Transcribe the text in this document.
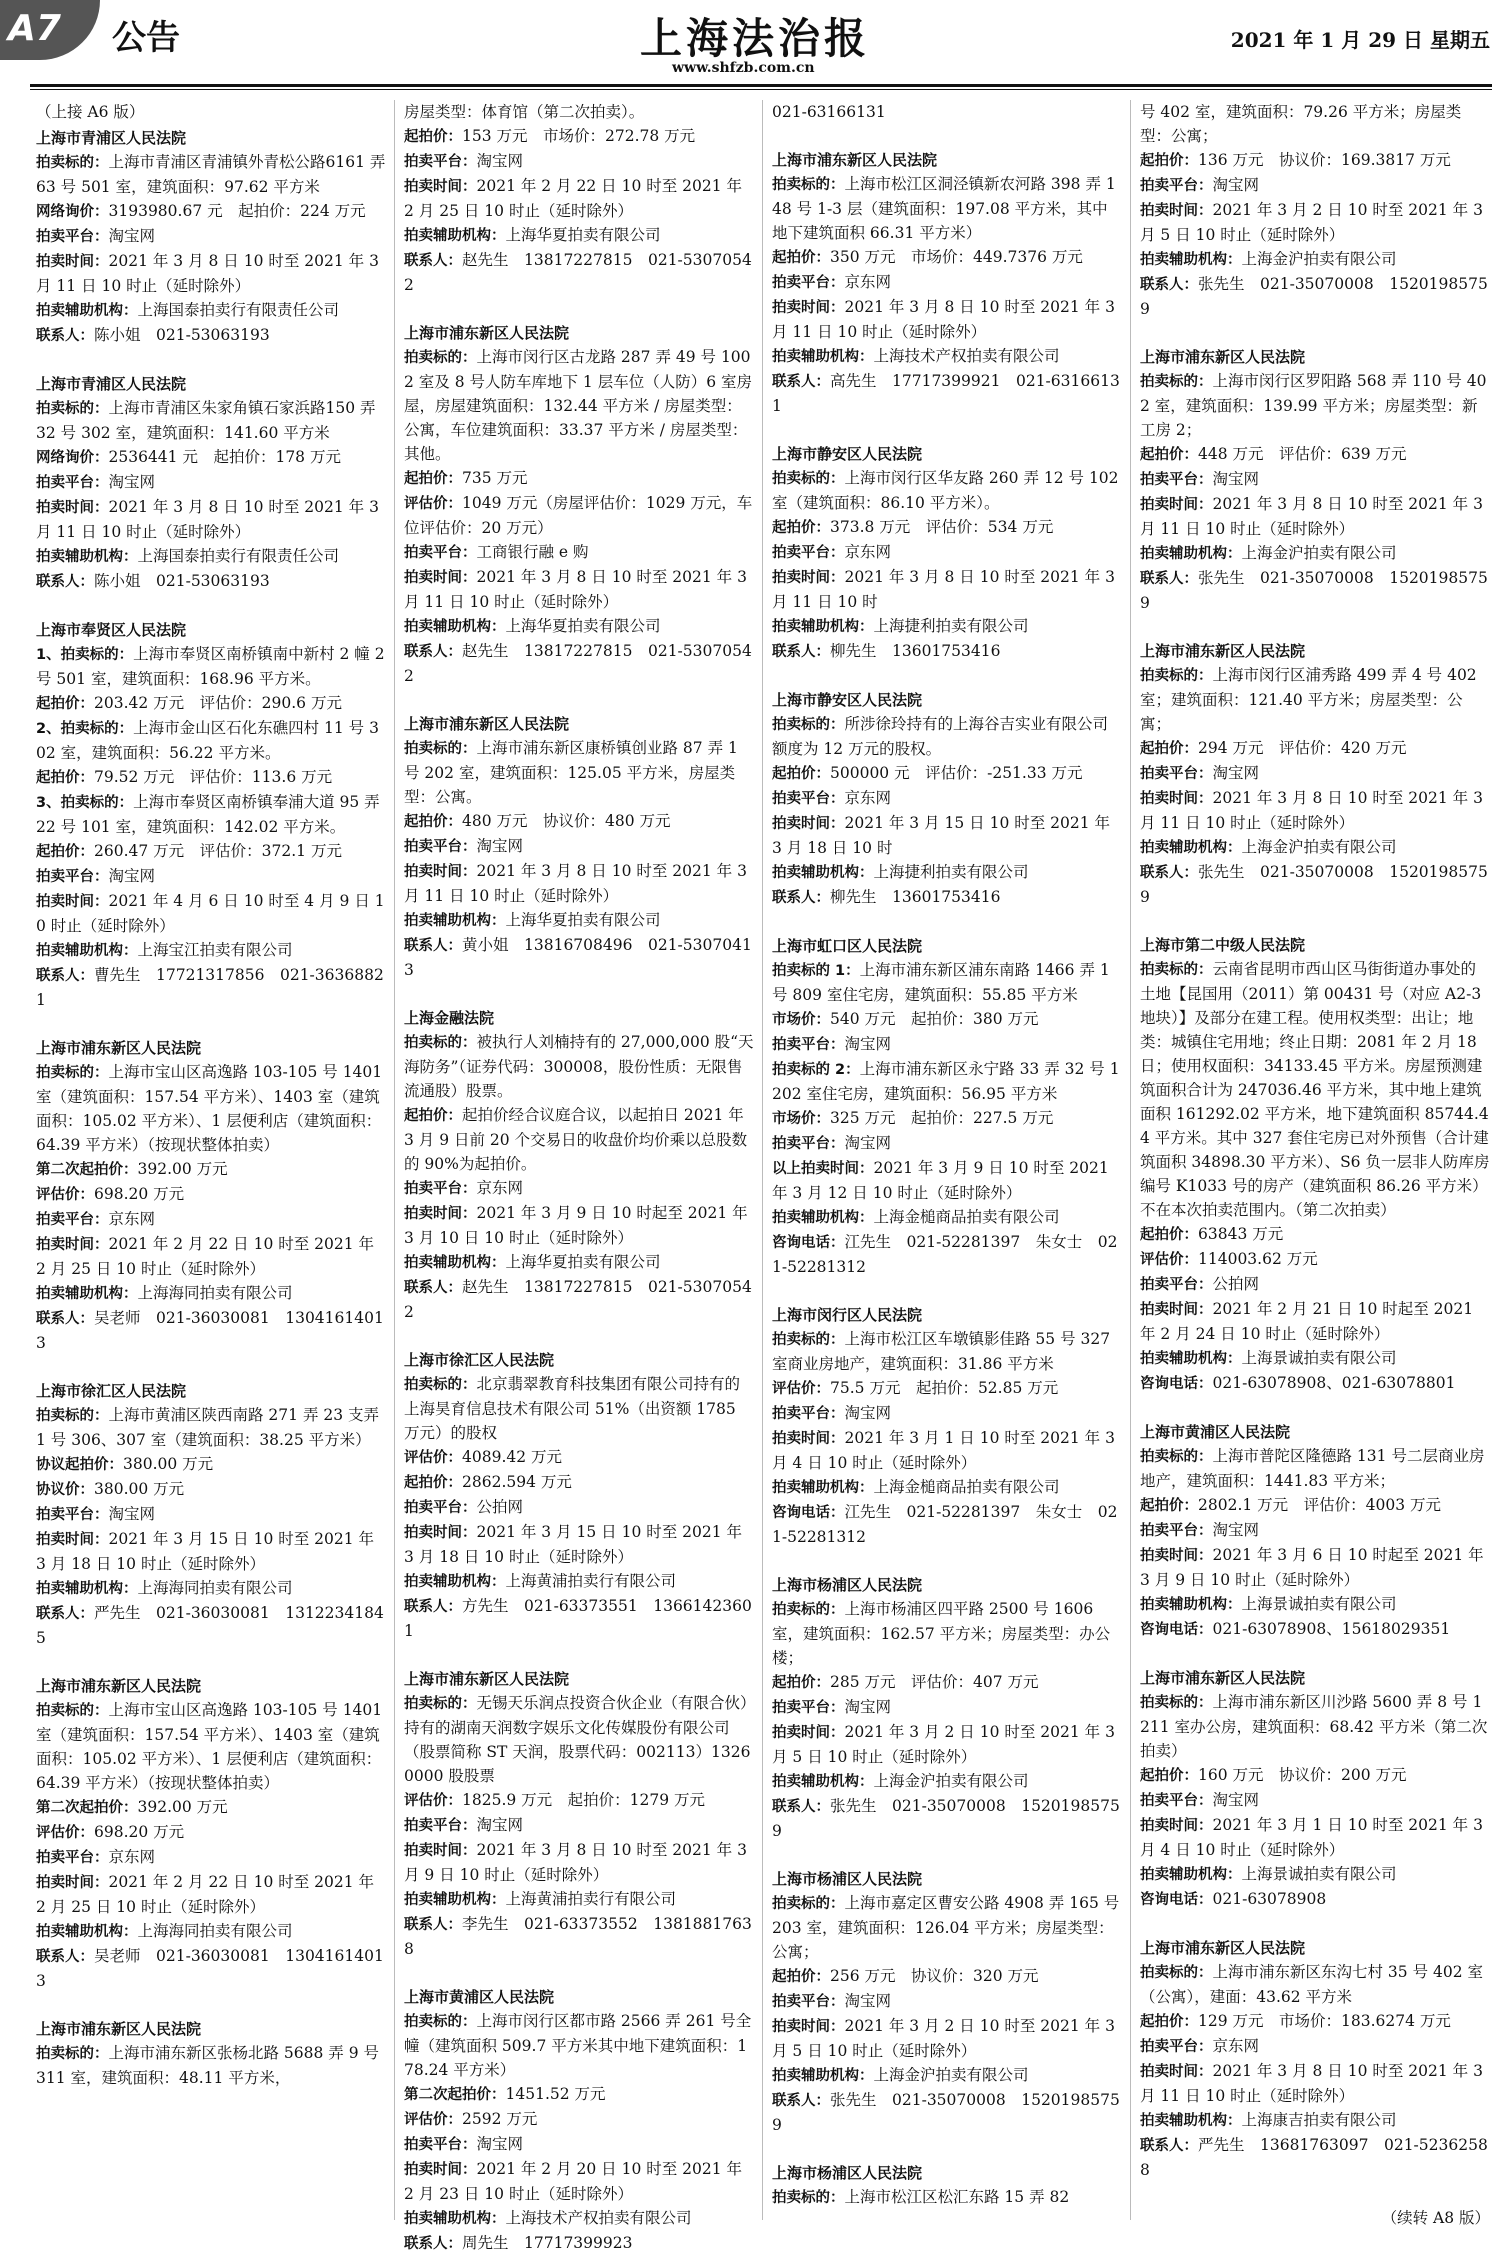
A7 公告	上海法治报
www.shfzb.com.cn
2021 年 1 月 29 日 星期五
（上接 A6 版）
上海市青浦区人民法院
拍卖标的：上海市青浦区青浦镇外青松公路6161 弄 63 号 501 室，建筑面积：97.62 平方米
网络询价：3193980.67 元　起拍价：224 万元
拍卖平台：淘宝网
拍卖时间：2021 年 3 月 8 日 10 时至 2021 年 3 月 11 日 10 时止（延时除外）
拍卖辅助机构：上海国泰拍卖行有限责任公司
联系人：陈小姐　021-53063193
上海市青浦区人民法院
拍卖标的：上海市青浦区朱家角镇石家浜路150 弄 32 号 302 室，建筑面积：141.60 平方米
网络询价：2536441 元　起拍价：178 万元
拍卖平台：淘宝网
拍卖时间：2021 年 3 月 8 日 10 时至 2021 年 3 月 11 日 10 时止（延时除外）
拍卖辅助机构：上海国泰拍卖行有限责任公司
联系人：陈小姐　021-53063193
上海市奉贤区人民法院
1、拍卖标的：上海市奉贤区南桥镇南中新村 2 幢 2 号 501 室，建筑面积：168.96 平方米。
起拍价：203.42 万元　评估价：290.6 万元
2、拍卖标的：上海市金山区石化东礁四村 11 号 302 室，建筑面积：56.22 平方米。
起拍价：79.52 万元　评估价：113.6 万元
3、拍卖标的：上海市奉贤区南桥镇奉浦大道 95 弄 22 号 101 室，建筑面积：142.02 平方米。
起拍价：260.47 万元　评估价：372.1 万元
拍卖平台：淘宝网
拍卖时间：2021 年 4 月 6 日 10 时至 4 月 9 日 10 时止（延时除外）
拍卖辅助机构：上海宝江拍卖有限公司
联系人：曹先生　17721317856　021-36368821
上海市浦东新区人民法院
拍卖标的：上海市宝山区高逸路 103-105 号 1401 室（建筑面积：157.54 平方米）、1403 室（建筑面积：105.02 平方米）、1 层便利店（建筑面积：64.39 平方米）（按现状整体拍卖）
第二次起拍价：392.00 万元
评估价：698.20 万元
拍卖平台：京东网
拍卖时间：2021 年 2 月 22 日 10 时至 2021 年 2 月 25 日 10 时止（延时除外）
拍卖辅助机构：上海海同拍卖有限公司
联系人：吴老师　021-36030081　13041614013
上海市徐汇区人民法院
拍卖标的：上海市黄浦区陕西南路 271 弄 23 支弄 1 号 306、307 室（建筑面积：38.25 平方米）
协议起拍价：380.00 万元
协议价：380.00 万元
拍卖平台：淘宝网
拍卖时间：2021 年 3 月 15 日 10 时至 2021 年 3 月 18 日 10 时止（延时除外）
拍卖辅助机构：上海海同拍卖有限公司
联系人：严先生　021-36030081　13122341845
上海市浦东新区人民法院
拍卖标的：上海市宝山区高逸路 103-105 号 1401 室（建筑面积：157.54 平方米）、1403 室（建筑面积：105.02 平方米）、1 层便利店（建筑面积：64.39 平方米）（按现状整体拍卖）
第二次起拍价：392.00 万元
评估价：698.20 万元
拍卖平台：京东网
拍卖时间：2021 年 2 月 22 日 10 时至 2021 年 2 月 25 日 10 时止（延时除外）
拍卖辅助机构：上海海同拍卖有限公司
联系人：吴老师　021-36030081　13041614013
上海市浦东新区人民法院
拍卖标的：上海市浦东新区张杨北路 5688 弄 9 号 311 室，建筑面积：48.11 平方米，
房屋类型：体育馆（第二次拍卖）。
起拍价：153 万元　市场价：272.78 万元
拍卖平台：淘宝网
拍卖时间：2021 年 2 月 22 日 10 时至 2021 年 2 月 25 日 10 时止（延时除外）
拍卖辅助机构：上海华夏拍卖有限公司
联系人：赵先生　13817227815　021-53070542
上海市浦东新区人民法院
拍卖标的：上海市闵行区古龙路 287 弄 49 号 1002 室及 8 号人防车库地下 1 层车位（人防）6 室房屋，房屋建筑面积：132.44 平方米 / 房屋类型：公寓，车位建筑面积：33.37 平方米 / 房屋类型：其他。
起拍价：735 万元
评估价：1049 万元（房屋评估价：1029 万元，车位评估价：20 万元）
拍卖平台：工商银行融 e 购
拍卖时间：2021 年 3 月 8 日 10 时至 2021 年 3 月 11 日 10 时止（延时除外）
拍卖辅助机构：上海华夏拍卖有限公司
联系人：赵先生　13817227815　021-53070542
上海市浦东新区人民法院
拍卖标的：上海市浦东新区康桥镇创业路 87 弄 1 号 202 室，建筑面积：125.05 平方米，房屋类型：公寓。
起拍价：480 万元　协议价：480 万元
拍卖平台：淘宝网
拍卖时间：2021 年 3 月 8 日 10 时至 2021 年 3 月 11 日 10 时止（延时除外）
拍卖辅助机构：上海华夏拍卖有限公司
联系人：黄小姐　13816708496　021-53070413
上海金融法院
拍卖标的：被执行人刘楠持有的 27,000,000 股“天海防务”（证券代码：300008，股份性质：无限售流通股）股票。
起拍价：起拍价经合议庭合议，以起拍日 2021 年 3 月 9 日前 20 个交易日的收盘价均价乘以总股数的 90%为起拍价。
拍卖平台：京东网
拍卖时间：2021 年 3 月 9 日 10 时起至 2021 年 3 月 10 日 10 时止（延时除外）
拍卖辅助机构：上海华夏拍卖有限公司
联系人：赵先生　13817227815　021-53070542
上海市徐汇区人民法院
拍卖标的：北京翡翠教育科技集团有限公司持有的上海昊育信息技术有限公司 51%（出资额 1785 万元）的股权
评估价：4089.42 万元
起拍价：2862.594 万元
拍卖平台：公拍网
拍卖时间：2021 年 3 月 15 日 10 时至 2021 年 3 月 18 日 10 时止（延时除外）
拍卖辅助机构：上海黄浦拍卖行有限公司
联系人：方先生　021-63373551　13661423601
上海市浦东新区人民法院
拍卖标的：无锡天乐润点投资合伙企业（有限合伙）持有的湖南天润数字娱乐文化传媒股份有限公司（股票简称 ST 天润，股票代码：002113）13260000 股股票
评估价：1825.9 万元　起拍价：1279 万元
拍卖平台：淘宝网
拍卖时间：2021 年 3 月 8 日 10 时至 2021 年 3 月 9 日 10 时止（延时除外）
拍卖辅助机构：上海黄浦拍卖行有限公司
联系人：李先生　021-63373552　13818817638
上海市黄浦区人民法院
拍卖标的：上海市闵行区都市路 2566 弄 261 号全幢（建筑面积 509.7 平方米其中地下建筑面积：178.24 平方米）
第二次起拍价：1451.52 万元
评估价：2592 万元
拍卖平台：淘宝网
拍卖时间：2021 年 2 月 20 日 10 时至 2021 年 2 月 23 日 10 时止（延时除外）
拍卖辅助机构：上海技术产权拍卖有限公司
联系人：周先生　17717399923
021-63166131
上海市浦东新区人民法院
拍卖标的：上海市松江区洞泾镇新农河路 398 弄 148 号 1-3 层（建筑面积：197.08 平方米，其中地下建筑面积 66.31 平方米）
起拍价：350 万元　市场价：449.7376 万元
拍卖平台：京东网
拍卖时间：2021 年 3 月 8 日 10 时至 2021 年 3 月 11 日 10 时止（延时除外）
拍卖辅助机构：上海技术产权拍卖有限公司
联系人：高先生　17717399921　021-63166131
上海市静安区人民法院
拍卖标的：上海市闵行区华友路 260 弄 12 号 102 室（建筑面积：86.10 平方米）。
起拍价：373.8 万元　评估价：534 万元
拍卖平台：京东网
拍卖时间：2021 年 3 月 8 日 10 时至 2021 年 3 月 11 日 10 时
拍卖辅助机构：上海捷利拍卖有限公司
联系人：柳先生　13601753416
上海市静安区人民法院
拍卖标的：所涉徐玲持有的上海谷吉实业有限公司额度为 12 万元的股权。
起拍价：500000 元　评估价：-251.33 万元
拍卖平台：京东网
拍卖时间：2021 年 3 月 15 日 10 时至 2021 年 3 月 18 日 10 时
拍卖辅助机构：上海捷利拍卖有限公司
联系人：柳先生　13601753416
上海市虹口区人民法院
拍卖标的 1：上海市浦东新区浦东南路 1466 弄 1 号 809 室住宅房，建筑面积：55.85 平方米
市场价：540 万元　起拍价：380 万元
拍卖平台：淘宝网
拍卖标的 2：上海市浦东新区永宁路 33 弄 32 号 1202 室住宅房，建筑面积：56.95 平方米
市场价：325 万元　起拍价：227.5 万元
拍卖平台：淘宝网
以上拍卖时间：2021 年 3 月 9 日 10 时至 2021 年 3 月 12 日 10 时止（延时除外）
拍卖辅助机构：上海金槌商品拍卖有限公司
咨询电话：江先生　021-52281397　朱女士　021-52281312
上海市闵行区人民法院
拍卖标的：上海市松江区车墩镇影佳路 55 号 327 室商业房地产，建筑面积：31.86 平方米
评估价：75.5 万元　起拍价：52.85 万元
拍卖平台：淘宝网
拍卖时间：2021 年 3 月 1 日 10 时至 2021 年 3 月 4 日 10 时止（延时除外）
拍卖辅助机构：上海金槌商品拍卖有限公司
咨询电话：江先生　021-52281397　朱女士　021-52281312
上海市杨浦区人民法院
拍卖标的：上海市杨浦区四平路 2500 号 1606 室，建筑面积：162.57 平方米；房屋类型：办公楼；
起拍价：285 万元　评估价：407 万元
拍卖平台：淘宝网
拍卖时间：2021 年 3 月 2 日 10 时至 2021 年 3 月 5 日 10 时止（延时除外）
拍卖辅助机构：上海金沪拍卖有限公司
联系人：张先生　021-35070008　15201985759
上海市杨浦区人民法院
拍卖标的：上海市嘉定区曹安公路 4908 弄 165 号 203 室，建筑面积：126.04 平方米；房屋类型：公寓；
起拍价：256 万元　协议价：320 万元
拍卖平台：淘宝网
拍卖时间：2021 年 3 月 2 日 10 时至 2021 年 3 月 5 日 10 时止（延时除外）
拍卖辅助机构：上海金沪拍卖有限公司
联系人：张先生　021-35070008　15201985759
上海市杨浦区人民法院
拍卖标的：上海市松江区松汇东路 15 弄 82
号 402 室，建筑面积：79.26 平方米；房屋类型：公寓；
起拍价：136 万元　协议价：169.3817 万元
拍卖平台：淘宝网
拍卖时间：2021 年 3 月 2 日 10 时至 2021 年 3 月 5 日 10 时止（延时除外）
拍卖辅助机构：上海金沪拍卖有限公司
联系人：张先生　021-35070008　15201985759
上海市浦东新区人民法院
拍卖标的：上海市闵行区罗阳路 568 弄 110 号 402 室，建筑面积：139.99 平方米；房屋类型：新工房 2；
起拍价：448 万元　评估价：639 万元
拍卖平台：淘宝网
拍卖时间：2021 年 3 月 8 日 10 时至 2021 年 3 月 11 日 10 时止（延时除外）
拍卖辅助机构：上海金沪拍卖有限公司
联系人：张先生　021-35070008　15201985759
上海市浦东新区人民法院
拍卖标的：上海市闵行区浦秀路 499 弄 4 号 402 室；建筑面积：121.40 平方米；房屋类型：公寓；
起拍价：294 万元　评估价：420 万元
拍卖平台：淘宝网
拍卖时间：2021 年 3 月 8 日 10 时至 2021 年 3 月 11 日 10 时止（延时除外）
拍卖辅助机构：上海金沪拍卖有限公司
联系人：张先生　021-35070008　15201985759
上海市第二中级人民法院
拍卖标的：云南省昆明市西山区马街街道办事处的土地【昆国用（2011）第 00431 号（对应 A2-3 地块）】及部分在建工程。使用权类型：出让；地类：城镇住宅用地；终止日期：2081 年 2 月 18 日；使用权面积：34133.45 平方米。房屋预测建筑面积合计为 247036.46 平方米，其中地上建筑面积 161292.02 平方米，地下建筑面积 85744.44 平方米。其中 327 套住宅房已对外预售（合计建筑面积 34898.30 平方米）、S6 负一层非人防库房编号 K1033 号的房产（建筑面积 86.26 平方米）不在本次拍卖范围内。（第二次拍卖）
起拍价：63843 万元
评估价：114003.62 万元
拍卖平台：公拍网
拍卖时间：2021 年 2 月 21 日 10 时起至 2021 年 2 月 24 日 10 时止（延时除外）
拍卖辅助机构：上海景诚拍卖有限公司
咨询电话：021-63078908、021-63078801
上海市黄浦区人民法院
拍卖标的：上海市普陀区隆德路 131 号二层商业房地产，建筑面积：1441.83 平方米；
起拍价：2802.1 万元　评估价：4003 万元
拍卖平台：淘宝网
拍卖时间：2021 年 3 月 6 日 10 时起至 2021 年 3 月 9 日 10 时止（延时除外）
拍卖辅助机构：上海景诚拍卖有限公司
咨询电话：021-63078908、15618029351
上海市浦东新区人民法院
拍卖标的：上海市浦东新区川沙路 5600 弄 8 号 1211 室办公房，建筑面积：68.42 平方米（第二次拍卖）
起拍价：160 万元　协议价：200 万元
拍卖平台：淘宝网
拍卖时间：2021 年 3 月 1 日 10 时至 2021 年 3 月 4 日 10 时止（延时除外）
拍卖辅助机构：上海景诚拍卖有限公司
咨询电话：021-63078908
上海市浦东新区人民法院
拍卖标的：上海市浦东新区东沟七村 35 号 402 室（公寓），建面：43.62 平方米
起拍价：129 万元　市场价：183.6274 万元
拍卖平台：京东网
拍卖时间：2021 年 3 月 8 日 10 时至 2021 年 3 月 11 日 10 时止（延时除外）
拍卖辅助机构：上海康吉拍卖有限公司
联系人：严先生　13681763097　021-52362588
（续转 A8 版）
